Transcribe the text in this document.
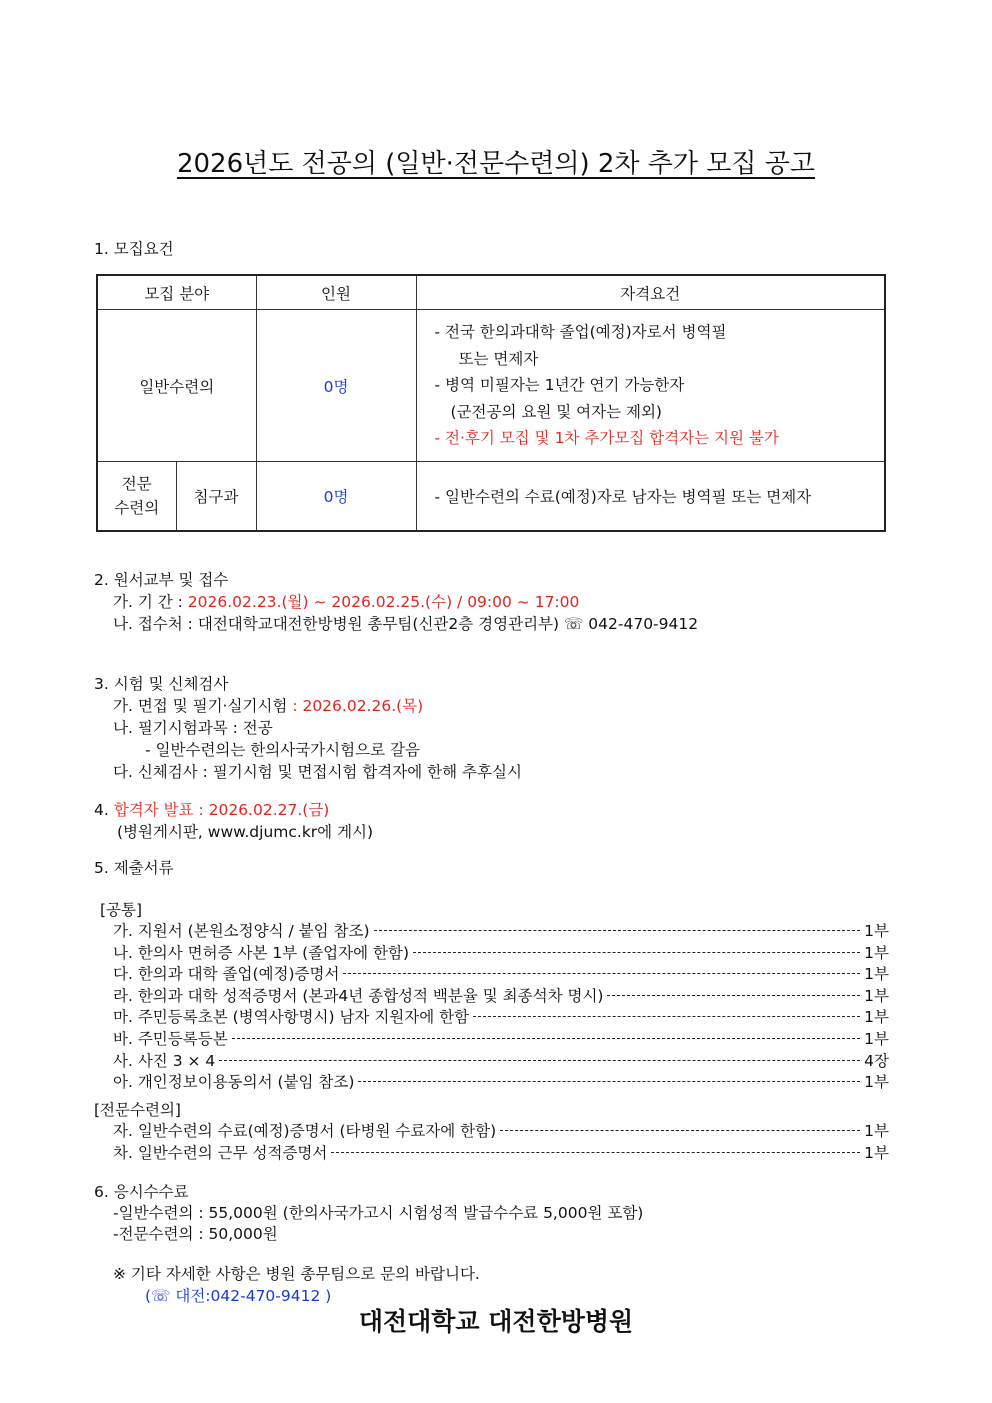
2026년도 전공의 (일반·전문수련의) 2차 추가 모집 공고
1. 모집요건
모집 분야		인원	자격요건
일반수련의		0명	- 전국 한의과대학 졸업(예정)자로서 병역필
또는 면제자
- 병역 미필자는 1년간 연기 가능한자
(군전공의 요원 및 여자는 제외)
- 전·후기 모집 및 1차 추가모집 합격자는 지원 불가

전문
수련의	침구과	0명	- 일반수련의 수료(예정)자로 남자는 병역필 또는 면제자
2. 원서교부 및 접수
가. 기 간 : 2026.02.23.(월) ~ 2026.02.25.(수) / 09:00 ~ 17:00
나. 접수처 : 대전대학교대전한방병원 총무팀(신관2층 경영관리부) ☏ 042-470-9412
3. 시험 및 신체검사
가. 면접 및 필기·실기시험 : 2026.02.26.(목)
나. 필기시험과목 : 전공
- 일반수련의는 한의사국가시험으로 갈음
다. 신체검사 : 필기시험 및 면접시험 합격자에 한해 추후실시
4. 합격자 발표 : 2026.02.27.(금)
(병원게시판, www.djumc.kr에 게시)
5. 제출서류
[공통]
가. 지원서 (본원소정양식 / 붙임 참조)	1부
나. 한의사 면허증 사본 1부 (졸업자에 한함)	1부
다. 한의과 대학 졸업(예정)증명서	1부
라. 한의과 대학 성적증명서 (본과4년 종합성적 백분율 및 최종석차 명시)	1부
마. 주민등록초본 (병역사항명시) 남자 지원자에 한함	1부
바. 주민등록등본	1부
사. 사진 3 × 4	4장
아. 개인정보이용동의서 (붙임 참조)	1부
[전문수련의]
자. 일반수련의 수료(예정)증명서 (타병원 수료자에 한함)	1부
차. 일반수련의 근무 성적증명서	1부
6. 응시수수료
-일반수련의 : 55,000원 (한의사국가고시 시험성적 발급수수료 5,000원 포함)
-전문수련의 : 50,000원
※ 기타 자세한 사항은 병원 총무팀으로 문의 바랍니다.
(☏ 대전:042-470-9412 )
대전대학교 대전한방병원
